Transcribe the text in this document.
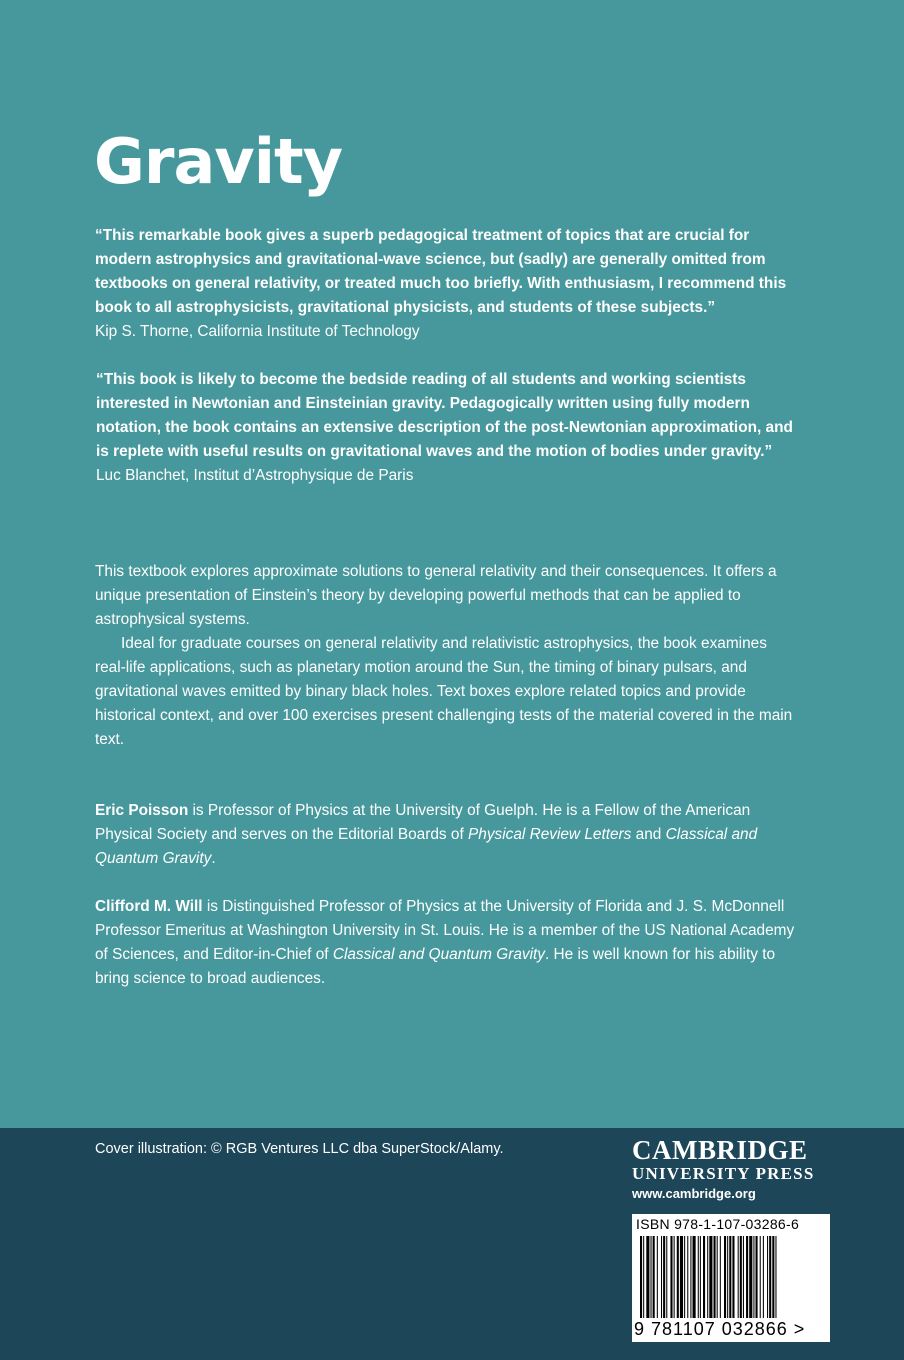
Gravity
“This remarkable book gives a superb pedagogical treatment of topics that are crucial for modern astrophysics and gravitational-wave science, but (sadly) are generally omitted from textbooks on general relativity, or treated much too briefly. With enthusiasm, I recommend this book to all astrophysicists, gravitational physicists, and students of these subjects.”
Kip S. Thorne, California Institute of Technology
“This book is likely to become the bedside reading of all students and working scientists interested in Newtonian and Einsteinian gravity. Pedagogically written using fully modern notation, the book contains an extensive description of the post-Newtonian approximation, and is replete with useful results on gravitational waves and the motion of bodies under gravity.”
Luc Blanchet, Institut d’Astrophysique de Paris

This textbook explores approximate solutions to general relativity and their consequences. It offers a unique presentation of Einstein’s theory by developing powerful methods that can be applied to astrophysical systems.

Ideal for graduate courses on general relativity and relativistic astrophysics, the book examines real-life applications, such as planetary motion around the Sun, the timing of binary pulsars, and gravitational waves emitted by binary black holes. Text boxes explore related topics and provide historical context, and over 100 exercises present challenging tests of the material covered in the main text.

Eric Poisson is Professor of Physics at the University of Guelph. He is a Fellow of the American Physical Society and serves on the Editorial Boards of Physical Review Letters and Classical and Quantum Gravity.
Clifford M. Will is Distinguished Professor of Physics at the University of Florida and J. S. McDonnell Professor Emeritus at Washington University in St. Louis. He is a member of the US National Academy of Sciences, and Editor-in-Chief of Classical and Quantum Gravity. He is well known for his ability to bring science to broad audiences.
Cover illustration: © RGB Ventures LLC dba SuperStock/Alamy.	CAMBRIDGE
UNIVERSITY PRESS
www.cambridge.org
ISBN 978-1-107-03286-6
9 781107 032866 >
